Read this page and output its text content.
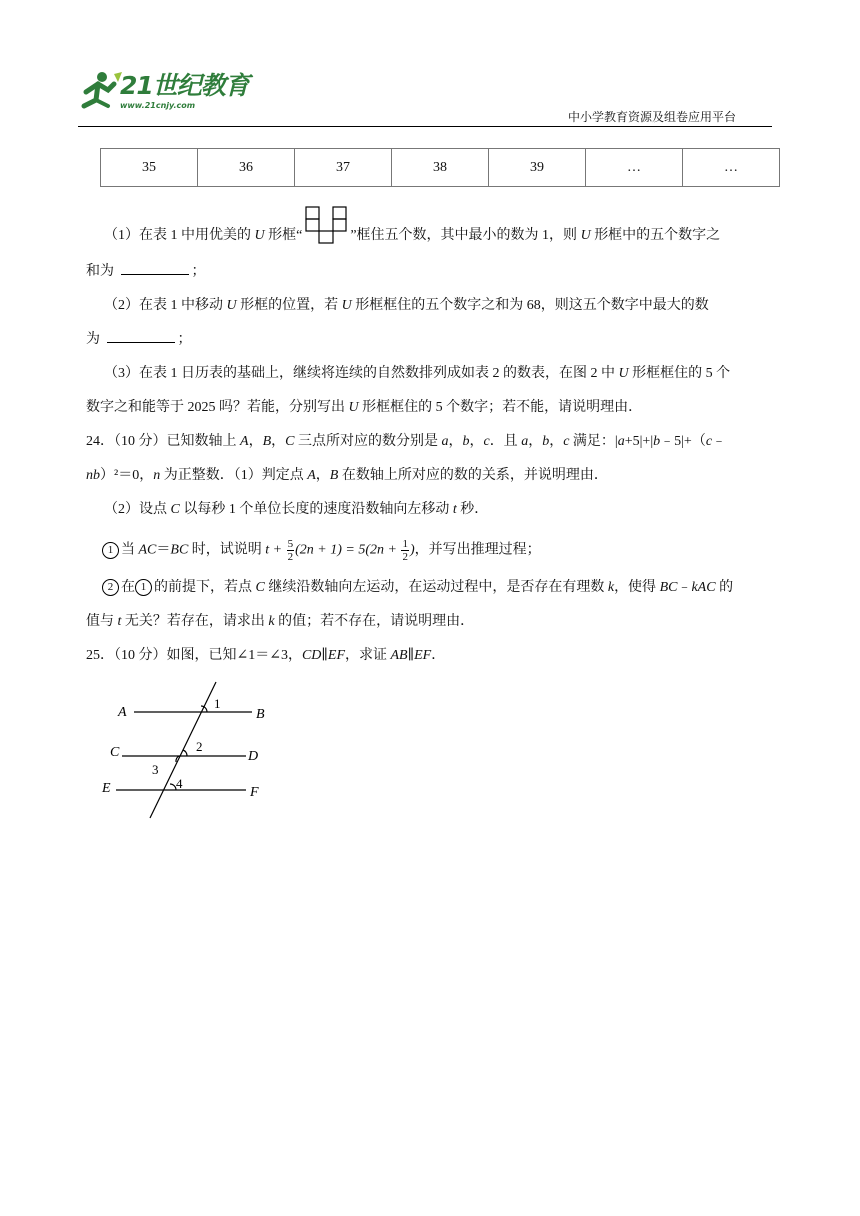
21世纪教育
www.21cnjy.com
中小学教育资源及组卷应用平台
35	36	37	38	39	…	…
（1）在表 1 中用优美的 U 形框“	”框住五个数，其中最小的数为 1，则 U 形框中的五个数字之
和为	；
（2）在表 1 中移动 U 形框的位置，若 U 形框框住的五个数字之和为 68，则这五个数字中最大的数
为	；
（3）在表 1 日历表的基础上，继续将连续的自然数排列成如表 2 的数表，在图 2 中 U 形框框住的 5 个
数字之和能等于 2025 吗？若能，分别写出 U 形框框住的 5 个数字；若不能，请说明理由．
24．（10 分）已知数轴上 A，B，C 三点所对应的数分别是 a，b，c．且 a，b，c 满足：|a+5|+|b﹣5|+（c﹣
nb）²＝0，n 为正整数．（1）判定点 A，B 在数轴上所对应的数的关系，并说明理由．
（2）设点 C 以每秒 1 个单位长度的速度沿数轴向左移动 t 秒．
1 当 AC＝BC 时，试说明 $t + \frac{5}{2} (2n + 1) = 5(2n + \frac{1}{2}$ )，并写出推理过程；
2 在 1 的前提下，若点 C 继续沿数轴向左运动，在运动过程中，是否存在有理数 k，使得 BC﹣kAC 的
值与 t 无关？若存在，请求出 k 的值；若不存在，请说明理由．
25．（10 分）如图，已知∠1＝∠3，CD∥EF，求证 AB∥EF．
A	B
C	D
E	F
1
2
3
4
